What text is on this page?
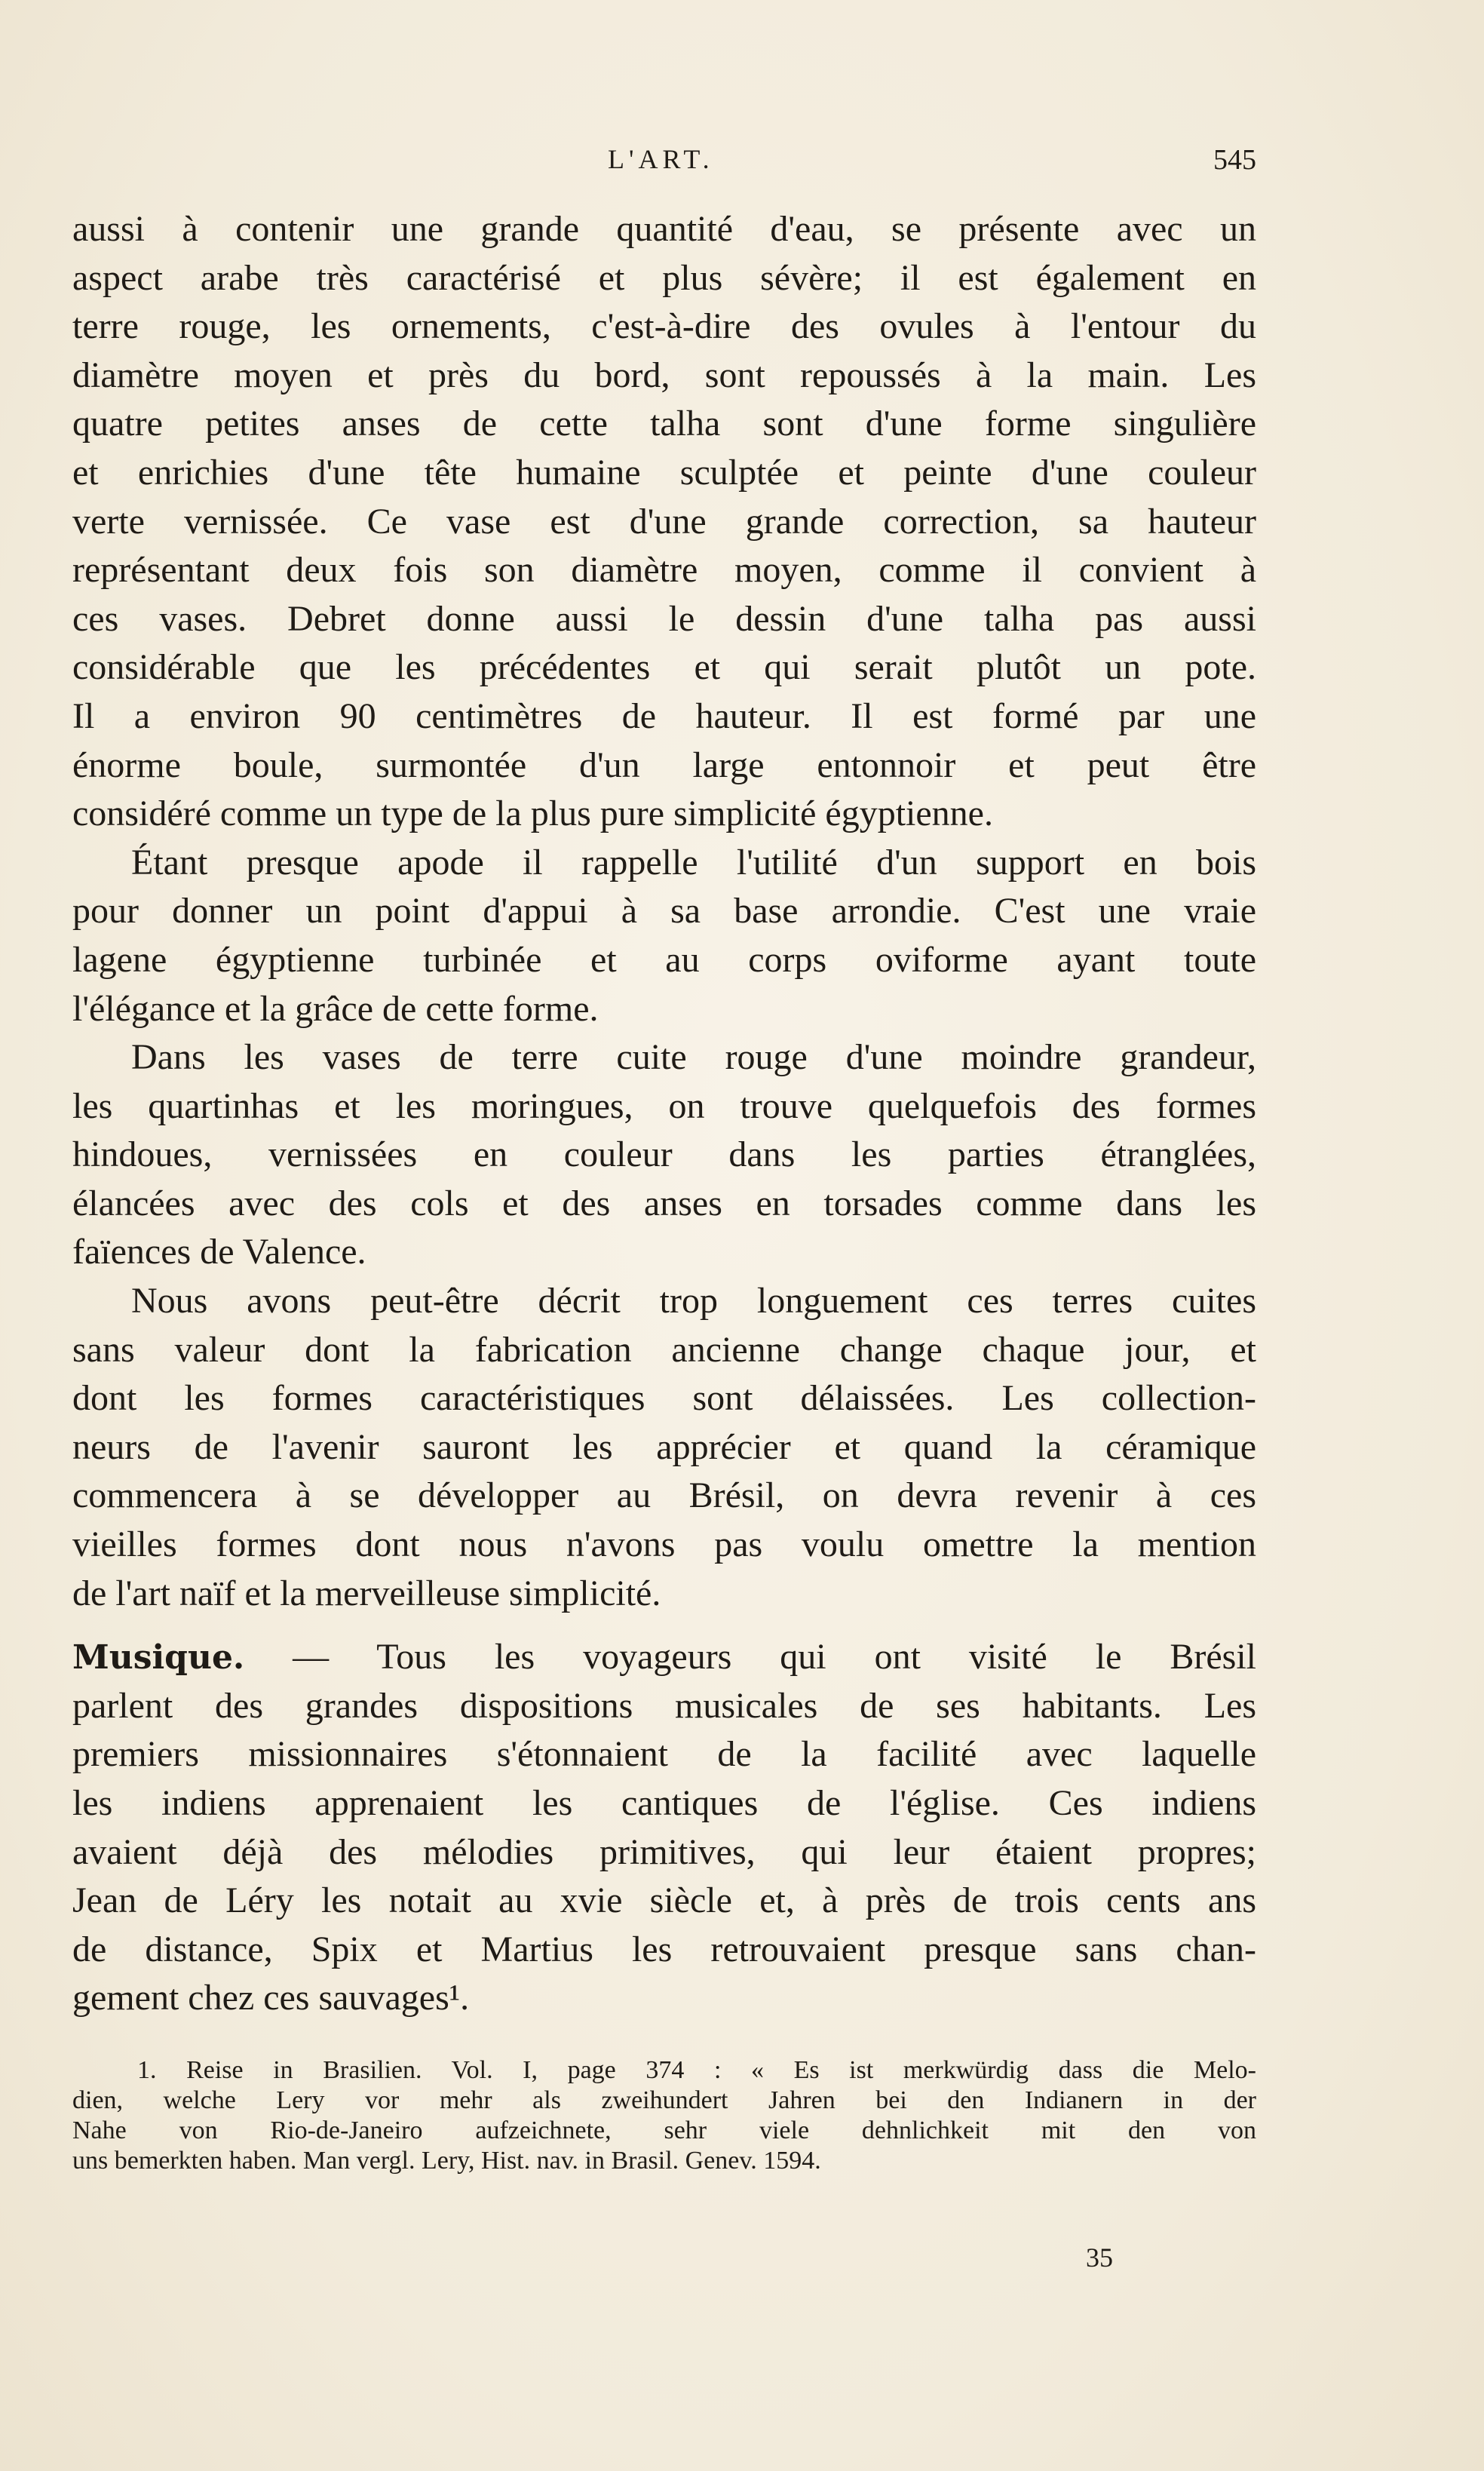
L'ART.	545
aussi à contenir une grande quantité d'eau, se présente avec un
aspect arabe très caractérisé et plus sévère; il est également en
terre rouge, les ornements, c'est-à-dire des ovules à l'entour du
diamètre moyen et près du bord, sont repoussés à la main. Les
quatre petites anses de cette talha sont d'une forme singulière
et enrichies d'une tête humaine sculptée et peinte d'une couleur
verte vernissée. Ce vase est d'une grande correction, sa hauteur
représentant deux fois son diamètre moyen, comme il convient à
ces vases. Debret donne aussi le dessin d'une talha pas aussi
considérable que les précédentes et qui serait plutôt un pote.
Il a environ 90 centimètres de hauteur. Il est formé par une
énorme boule, surmontée d'un large entonnoir et peut être
considéré comme un type de la plus pure simplicité égyptienne.
Étant presque apode il rappelle l'utilité d'un support en bois
pour donner un point d'appui à sa base arrondie. C'est une vraie
lagene égyptienne turbinée et au corps oviforme ayant toute
l'élégance et la grâce de cette forme.
Dans les vases de terre cuite rouge d'une moindre grandeur,
les quartinhas et les moringues, on trouve quelquefois des formes
hindoues, vernissées en couleur dans les parties étranglées,
élancées avec des cols et des anses en torsades comme dans les
faïences de Valence.
Nous avons peut-être décrit trop longuement ces terres cuites
sans valeur dont la fabrication ancienne change chaque jour, et
dont les formes caractéristiques sont délaissées. Les collection-
neurs de l'avenir sauront les apprécier et quand la céramique
commencera à se développer au Brésil, on devra revenir à ces
vieilles formes dont nous n'avons pas voulu omettre la mention
de l'art naïf et la merveilleuse simplicité.
Musique. — Tous les voyageurs qui ont visité le Brésil
parlent des grandes dispositions musicales de ses habitants. Les
premiers missionnaires s'étonnaient de la facilité avec laquelle
les indiens apprenaient les cantiques de l'église. Ces indiens
avaient déjà des mélodies primitives, qui leur étaient propres;
Jean de Léry les notait au xvie siècle et, à près de trois cents ans
de distance, Spix et Martius les retrouvaient presque sans chan-
gement chez ces sauvages¹.
1. Reise in Brasilien. Vol. I, page 374 : « Es ist merkwürdig dass die Melo-
dien, welche Lery vor mehr als zweihundert Jahren bei den Indianern in der
Nahe von Rio-de-Janeiro aufzeichnete, sehr viele dehnlichkeit mit den von
uns bemerkten haben. Man vergl. Lery, Hist. nav. in Brasil. Genev. 1594.
35
